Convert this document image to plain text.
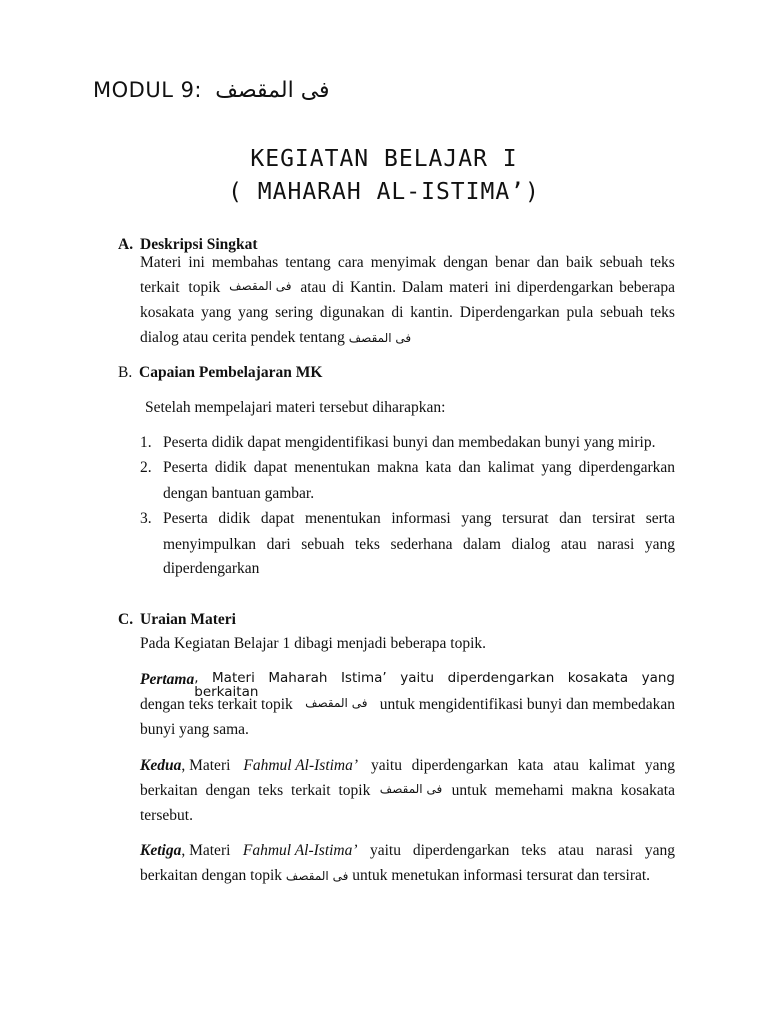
MODUL 9: فى المقصف
KEGIATAN BELAJAR I
( MAHARAH AL-ISTIMA’)
A. Deskripsi Singkat
Materi ini membahas tentang cara menyimak dengan benar dan baik sebuah teks
terkait topik فى المقصف atau di Kantin. Dalam materi ini diperdengarkan beberapa
kosakata yang yang sering digunakan di kantin. Diperdengarkan pula sebuah teks
dialog atau cerita pendek tentang فى المقصف
B. Capaian Pembelajaran MK
Setelah mempelajari materi tersebut diharapkan:
1. Peserta didik dapat mengidentifikasi bunyi dan membedakan bunyi yang mirip.
2. Peserta didik dapat menentukan makna kata dan kalimat yang diperdengarkan
dengan bantuan gambar.
3. Peserta didik dapat menentukan informasi yang tersurat dan tersirat serta
menyimpulkan dari sebuah teks sederhana dalam dialog atau narasi yang
diperdengarkan
C. Uraian Materi
Pada Kegiatan Belajar 1 dibagi menjadi beberapa topik.
Pertama , Materi Maharah Istima’ yaitu diperdengarkan kosakata yang berkaitan
dengan teks terkait topik فى المقصف untuk mengidentifikasi bunyi dan membedakan
bunyi yang sama.
Kedua, Materi Fahmul Al-Istima’ yaitu diperdengarkan kata atau kalimat yang
berkaitan dengan teks terkait topik فى المقصف untuk memehami makna kosakata
tersebut.
Ketiga, Materi Fahmul Al-Istima’ yaitu diperdengarkan teks atau narasi yang
berkaitan dengan topik فى المقصف untuk menetukan informasi tersurat dan tersirat.
